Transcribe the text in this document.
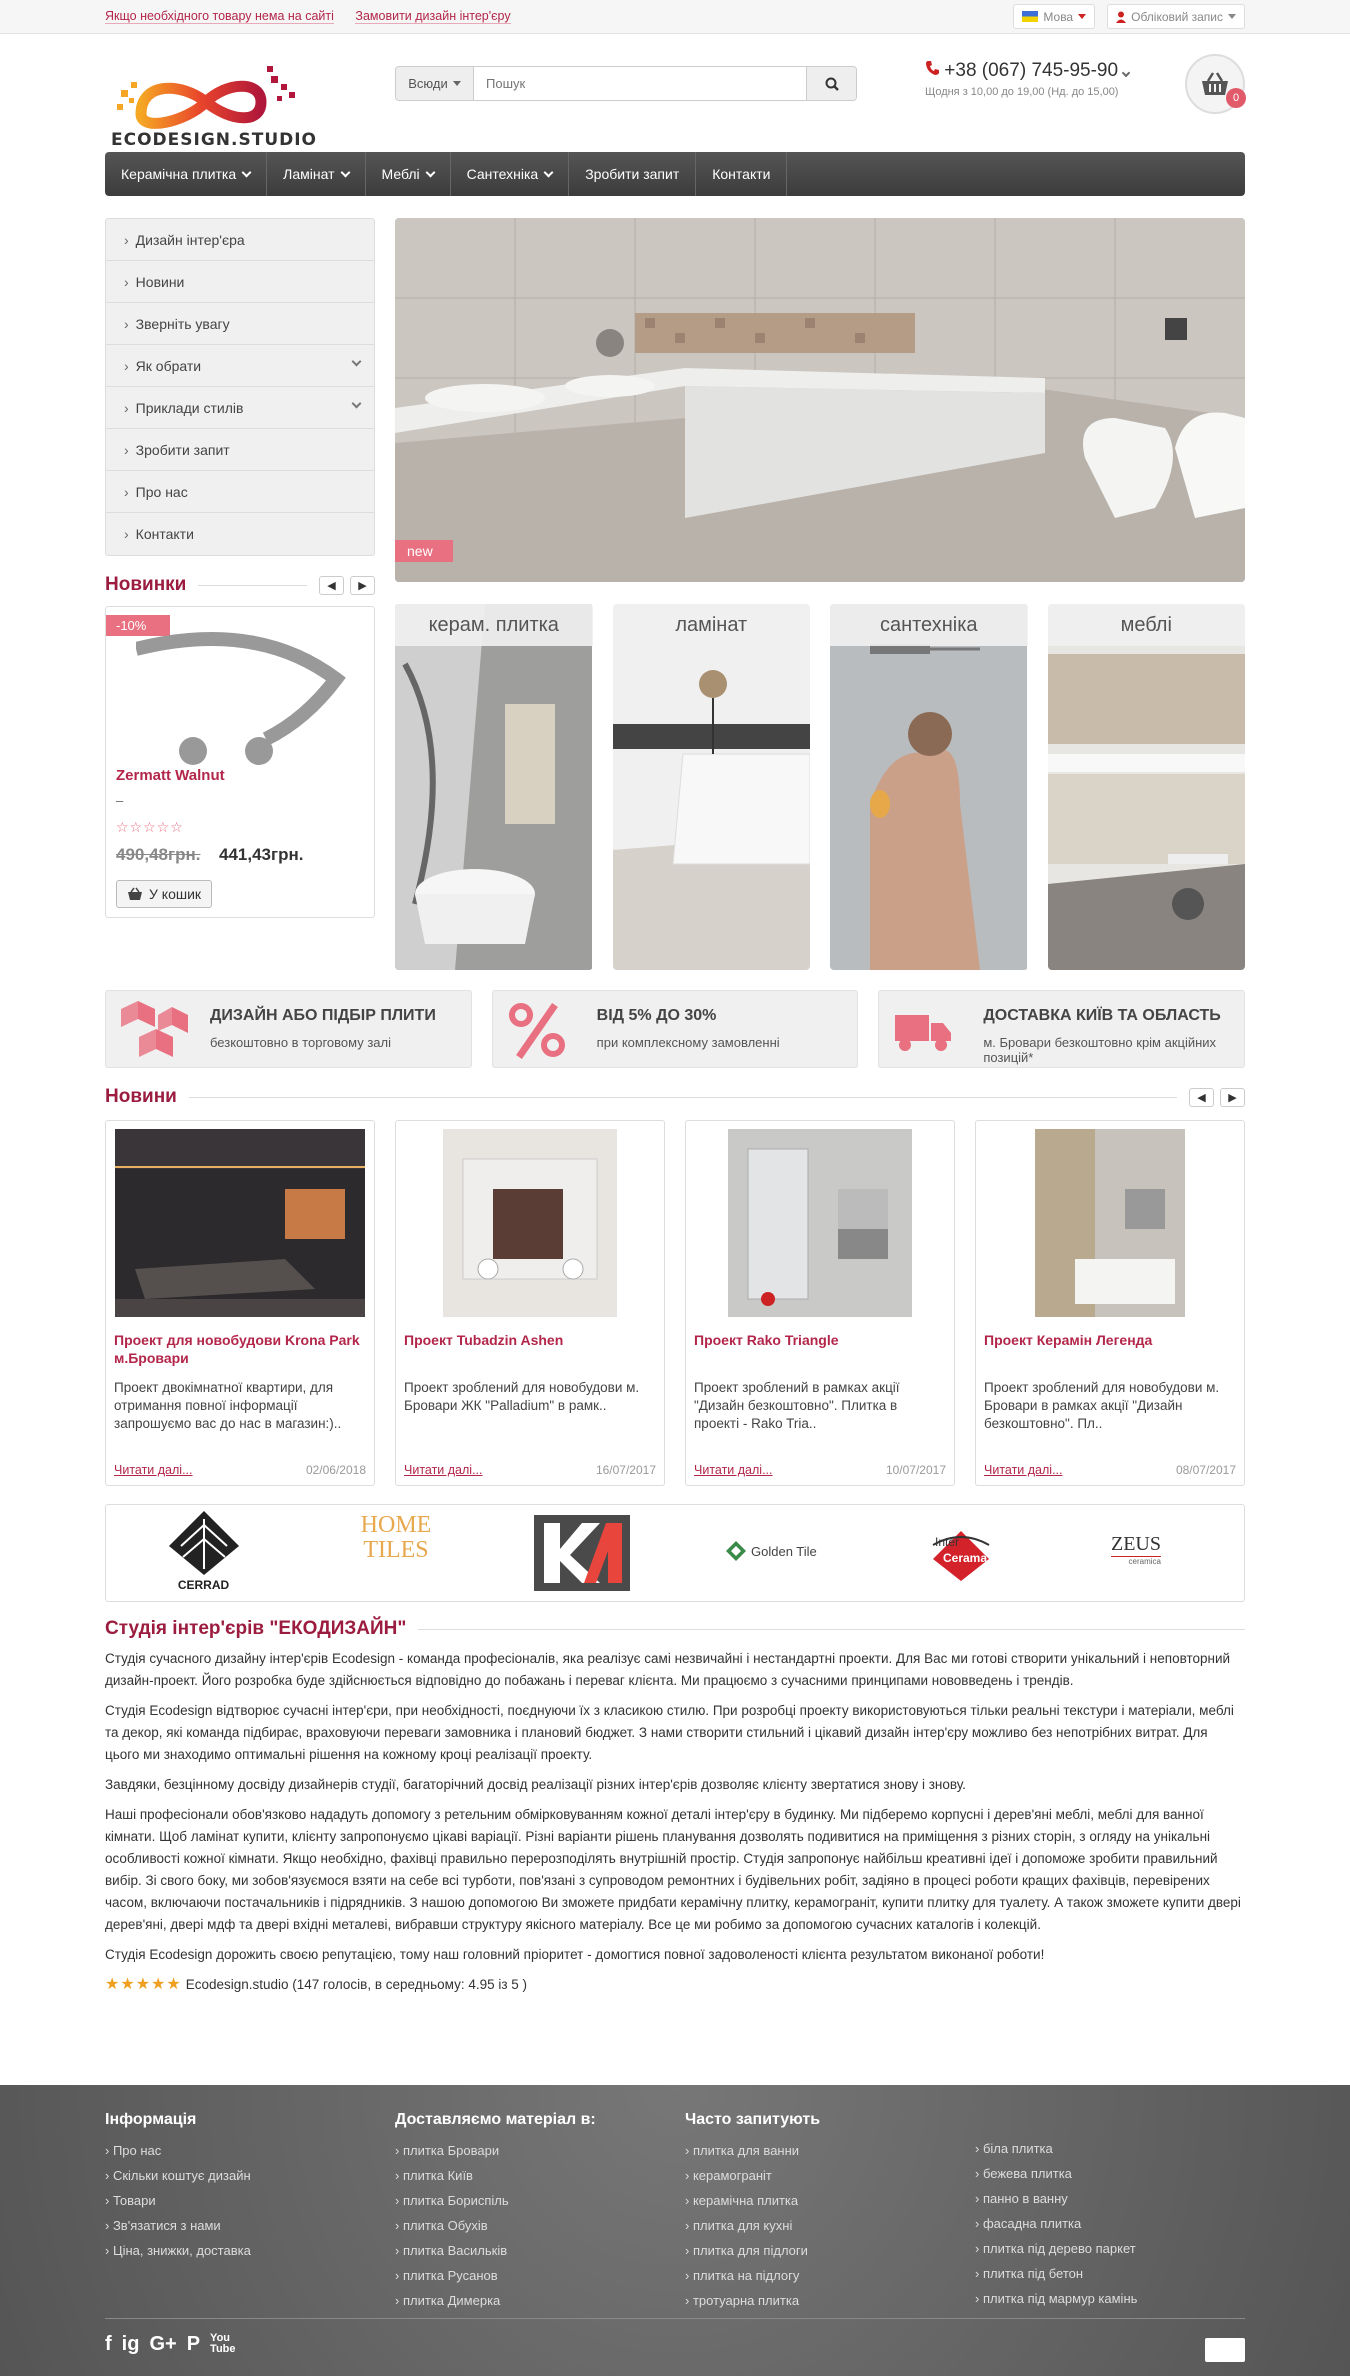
Якщо необхідного товару нема на сайті Замовити дизайн інтер'єру	Мова	Обліковий запис
ECODESIGN.STUDIO
Всюди
Пошук
+38 (067) 745-95-90
Щодня з 10,00 до 19,00 (Нд. до 15,00)	0
Керамічна плитка	Ламінат	Меблі	Сантехніка	Зробити запит Контакти
› Дизайн інтер'єра
› Новини
› Зверніть увагу
› Як обрати
› Приклади стилів
› Зробити запит
› Про нас
› Контакти
new
Новинки	◀	▶
-10%
Zermatt Walnut
–
☆☆☆☆☆
490,48грн. 441,43грн.
У кошик
керам. плитка	ламінат	сантехніка	меблі
ДИЗАЙН АБО ПІДБІР ПЛИТИ
безкоштовно в торговому залі
ВІД 5% ДО 30%
при комплексному замовленні
ДОСТАВКА КИЇВ ТА ОБЛАСТЬ
м. Бровари безкоштовно крім акційних позицій*
Новини	◀	▶
Проект для новобудови Krona Park м.Бровари
Проект двокімнатної квартири, для отримання повної інформації запрошуємо вас до нас в магазин:)..
Читати далі...	02/06/2018
Проект Tubadzin Ashen
Проект зроблений для новобудови м. Бровари ЖК "Palladium" в рамк..
Читати далі...	16/07/2017
Проект Rako Triangle
Проект зроблений в рамках акції "Дизайн безкоштовно". Плитка в проекті - Rako Tria..
Читати далі...	10/07/2017
Проект Керамін Легенда
Проект зроблений для новобудови м. Бровари в рамках акції "Дизайн безкоштовно". Пл..
Читати далі...	08/07/2017
CERRAD
HOME
TILES	Golden Tile
Inter
Cerama
ZEUS
ceramica
Студія інтер'єрів "ЕКОДИЗАЙН"

Студія сучасного дизайну інтер'єрів Ecodesign - команда професіоналів, яка реалізує самі незвичайні і нестандартні проекти. Для Вас ми готові створити унікальний і неповторний дизайн-проект. Його розробка буде здійснюється відповідно до побажань і переваг клієнта. Ми працюємо з сучасними принципами нововведень і трендів.

Студія Ecodesign відтворює сучасні інтер'єри, при необхідності, поєднуючи їх з класикою стилю. При розробці проекту використовуються тільки реальні текстури і матеріали, меблі та декор, які команда підбирає, враховуючи переваги замовника і плановий бюджет. З нами створити стильний і цікавий дизайн інтер'єру можливо без непотрібних витрат. Для цього ми знаходимо оптимальні рішення на кожному кроці реалізації проекту.

Завдяки, безцінному досвіду дизайнерів студії, багаторічний досвід реалізації різних інтер'єрів дозволяє клієнту звертатися знову і знову.

Наші професіонали обов'язково нададуть допомогу з ретельним обмірковуванням кожної деталі інтер'єру в будинку. Ми підберемо корпусні і дерев'яні меблі, меблі для ванної кімнати. Щоб ламінат купити, клієнту запропонуємо цікаві варіації. Різні варіанти рішень планування дозволять подивитися на приміщення з різних сторін, з огляду на унікальні особливості кожної кімнати. Якщо необхідно, фахівці правильно перерозподілять внутрішній простір. Студія запропонує найбільш креативні ідеї і допоможе зробити правильний вибір. Зі свого боку, ми зобов'язуємося взяти на себе всі турботи, пов'язані з супроводом ремонтних і будівельних робіт, задіяно в процесі роботи кращих фахівців, перевірених часом, включаючи постачальників і підрядників. З нашою допомогою Ви зможете придбати керамічну плитку, керамограніт, купити плитку для туалету. А також зможете купити двері дерев'яні, двері мдф та двері вхідні металеві, вибравши структуру якісного матеріалу. Все це ми робимо за допомогою сучасних каталогів і колекцій.

Студія Ecodesign дорожить своєю репутацією, тому наш головний пріоритет - домогтися повної задоволеності клієнта результатом виконаної роботи!

★★★★★ Ecodesign.studio (147 голосів, в середньому: 4.95 із 5 )
Інформація
› Про нас
› Скільки коштує дизайн
› Товари
› Зв'язатися з нами
› Ціна, знижки, доставка
Доставляємо матеріал в:
› плитка Бровари
› плитка Київ
› плитка Бориспіль
› плитка Обухів
› плитка Васильків
› плитка Русанов
› плитка Димерка
Часто запитують
› плитка для ванни
› керамограніт
› керамічна плитка
› плитка для кухні
› плитка для підлоги
› плитка на підлогу
› тротуарна плитка
› біла плитка
› бежева плитка
› панно в ванну
› фасадна плитка
› плитка під дерево паркет
› плитка під бетон
› плитка під мармур камінь
f ig G+ P You Tube
